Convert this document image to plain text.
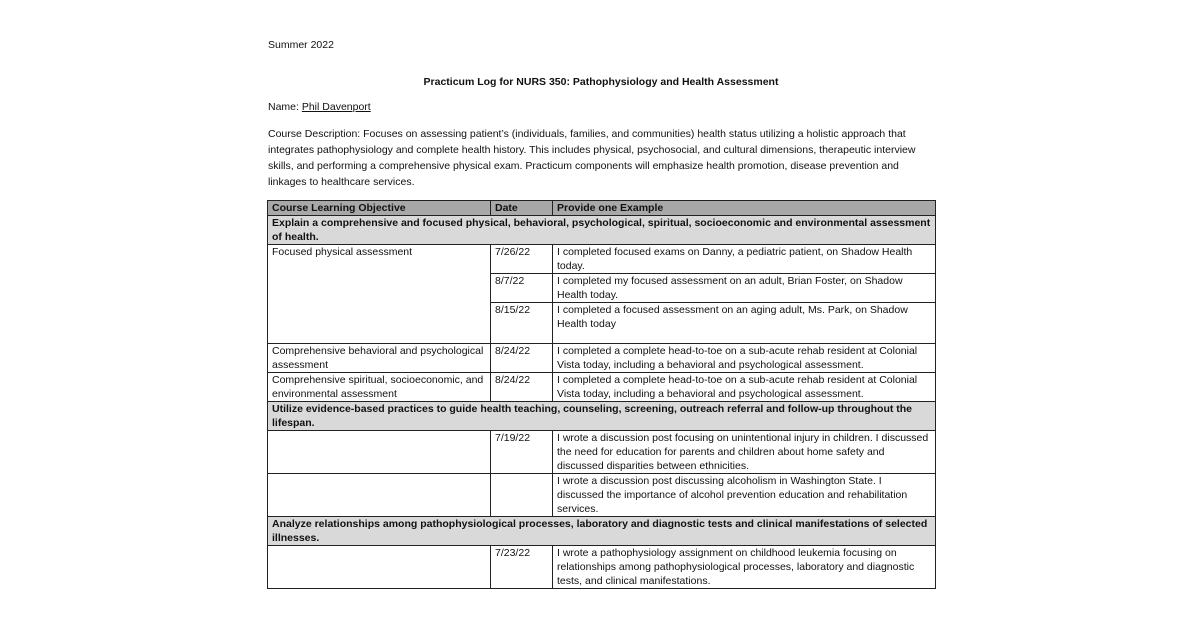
Summer 2022
Practicum Log for NURS 350: Pathophysiology and Health Assessment
Name: Phil Davenport
Course Description: Focuses on assessing patient’s (individuals, families, and communities) health status utilizing a holistic approach that integrates pathophysiology and complete health history. This includes physical, psychosocial, and cultural dimensions, therapeutic interview skills, and performing a comprehensive physical exam. Practicum components will emphasize health promotion, disease prevention and linkages to healthcare services.
Course Learning Objective	Date	Provide one Example
Explain a comprehensive and focused physical, behavioral, psychological, spiritual, socioeconomic and environmental assessment of health.		
Focused physical assessment	7/26/22	I completed focused exams on Danny, a pediatric patient, on Shadow Health today.
	8/7/22	I completed my focused assessment on an adult, Brian Foster, on Shadow Health today.
	8/15/22	I completed a focused assessment on an aging adult, Ms. Park, on Shadow Health today
Comprehensive behavioral and psychological assessment	8/24/22	I completed a complete head-to-toe on a sub-acute rehab resident at Colonial Vista today, including a behavioral and psychological assessment.
Comprehensive spiritual, socioeconomic, and environmental assessment	8/24/22	I completed a complete head-to-toe on a sub-acute rehab resident at Colonial Vista today, including a behavioral and psychological assessment.
Utilize evidence-based practices to guide health teaching, counseling, screening, outreach referral and follow-up throughout the lifespan.		
	7/19/22	I wrote a discussion post focusing on unintentional injury in children. I discussed the need for education for parents and children about home safety and discussed disparities between ethnicities.
		I wrote a discussion post discussing alcoholism in Washington State. I discussed the importance of alcohol prevention education and rehabilitation services.
Analyze relationships among pathophysiological processes, laboratory and diagnostic tests and clinical manifestations of selected illnesses.		
	7/23/22	I wrote a pathophysiology assignment on childhood leukemia focusing on relationships among pathophysiological processes, laboratory and diagnostic tests, and clinical manifestations.
